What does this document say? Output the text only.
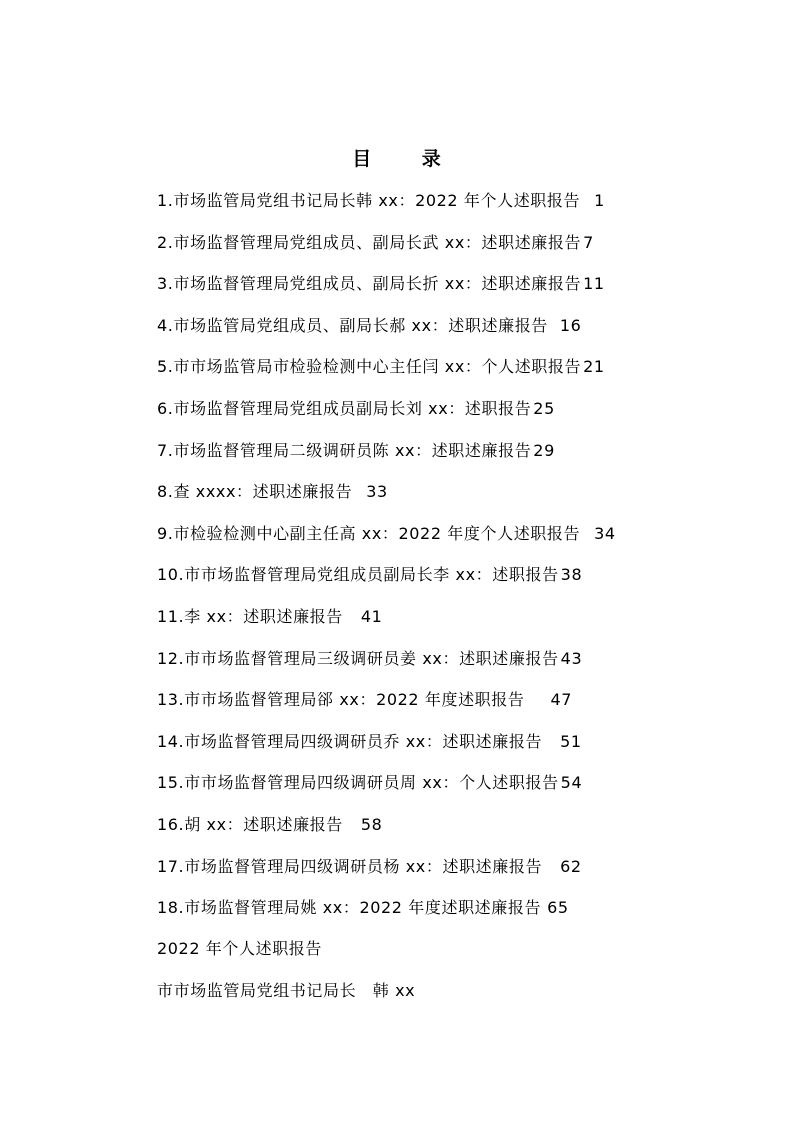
目 录
1.市场监管局党组书记局长韩 xx：2022 年个人述职报告 1
2.市场监督管理局党组成员、副局长武 xx：述职述廉报告 7
3.市场监督管理局党组成员、副局长折 xx：述职述廉报告 11
4.市场监管局党组成员、副局长郝 xx：述职述廉报告 16
5.市市场监管局市检验检测中心主任闫 xx：个人述职报告 21
6.市场监督管理局党组成员副局长刘 xx：述职报告 25
7.市场监督管理局二级调研员陈 xx：述职述廉报告 29
8.查 xxxx：述职述廉报告 33
9.市检验检测中心副主任高 xx：2022 年度个人述职报告 34
10.市市场监督管理局党组成员副局长李 xx：述职报告 38
11.李 xx：述职述廉报告 41
12.市市场监督管理局三级调研员姜 xx：述职述廉报告 43
13.市市场监督管理局郤 xx：2022 年度述职报告 47
14.市场监督管理局四级调研员乔 xx：述职述廉报告 51
15.市市场监督管理局四级调研员周 xx：个人述职报告 54
16.胡 xx：述职述廉报告 58
17.市场监督管理局四级调研员杨 xx：述职述廉报告 62
18.市场监督管理局姚 xx：2022 年度述职述廉报告 65
2022 年个人述职报告
市市场监管局党组书记局长　韩 xx
